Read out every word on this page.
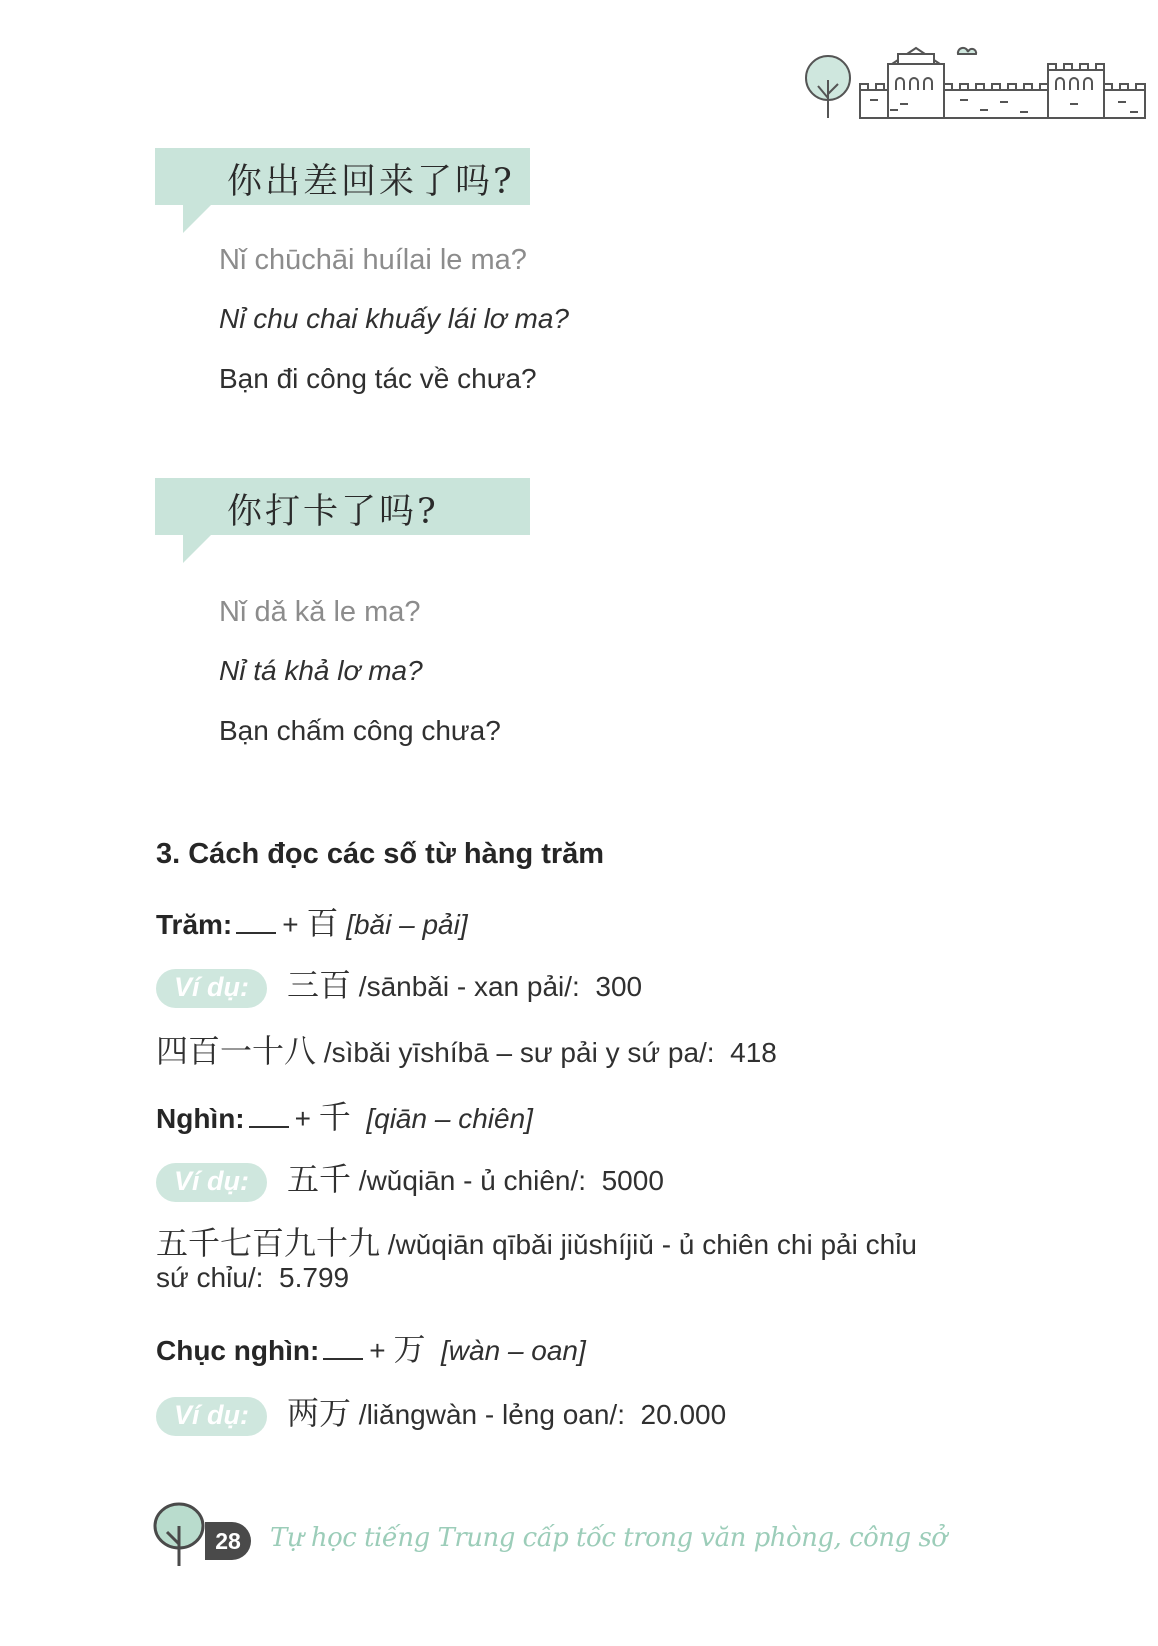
你出差回来了吗?
Nǐ chūchāi huílai le ma?
Nỉ chu chai khuấy lái lơ ma?
Bạn đi công tác về chưa?
你打卡了吗?
Nǐ dǎ kǎ le ma?
Nỉ tá khả lơ ma?
Bạn chấm công chưa?
3. Cách đọc các số từ hàng trăm
Trăm: + 百 [bǎi – pải]
Ví dụ: 三百 /sānbǎi - xan pải/: 300
四百一十八 /sìbǎi yīshíbā – sư pải y sứ pa/: 418
Nghìn: + 千 [qiān – chiên]
Ví dụ: 五千 /wǔqiān - ủ chiên/: 5000
五千七百九十九 /wǔqiān qībǎi jiǔshíjiǔ - ủ chiên chi pải chỉu
sứ chỉu/: 5.799
Chục nghìn: + 万 [wàn – oan]
Ví dụ: 两万 /liǎngwàn - lẻng oan/: 20.000
28	Tự học tiếng Trung cấp tốc trong văn phòng, công sở
